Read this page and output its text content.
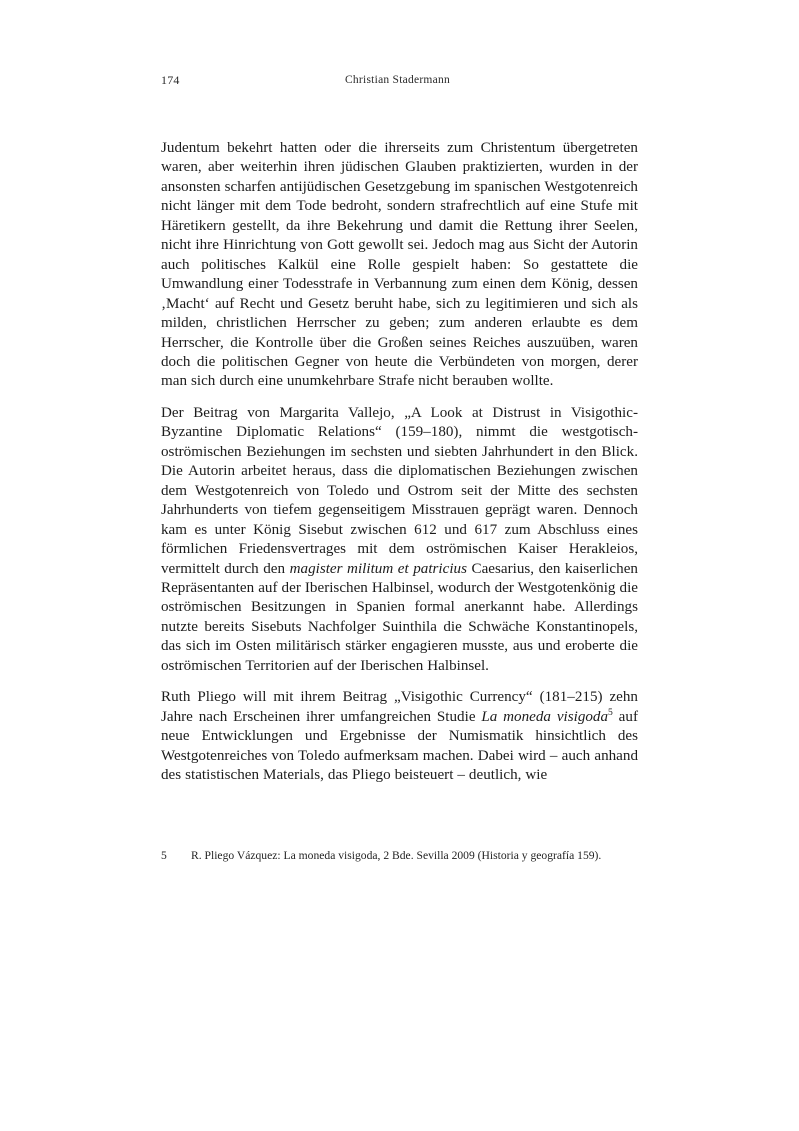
174	Christian Stadermann

Judentum bekehrt hatten oder die ihrerseits zum Christentum übergetreten waren, aber weiterhin ihren jüdischen Glauben praktizierten, wurden in der ansonsten scharfen antijüdischen Gesetzgebung im spanischen Westgotenreich nicht länger mit dem Tode bedroht, sondern strafrechtlich auf eine Stufe mit Häretikern gestellt, da ihre Bekehrung und damit die Rettung ihrer Seelen, nicht ihre Hinrichtung von Gott gewollt sei. Jedoch mag aus Sicht der Autorin auch politisches Kalkül eine Rolle gespielt haben: So gestattete die Umwandlung einer Todesstrafe in Verbannung zum einen dem König, dessen ‚Macht‘ auf Recht und Gesetz beruht habe, sich zu legitimieren und sich als milden, christlichen Herrscher zu geben; zum anderen erlaubte es dem Herrscher, die Kontrolle über die Großen seines Reiches auszuüben, waren doch die politischen Gegner von heute die Verbündeten von morgen, derer man sich durch eine unumkehrbare Strafe nicht berauben wollte.

Der Beitrag von Margarita Vallejo, „A Look at Distrust in Visigothic-Byzantine Diplomatic Relations“ (159–180), nimmt die westgotisch-oströmischen Beziehungen im sechsten und siebten Jahrhundert in den Blick. Die Autorin arbeitet heraus, dass die diplomatischen Beziehungen zwischen dem Westgotenreich von Toledo und Ostrom seit der Mitte des sechsten Jahrhunderts von tiefem gegenseitigem Misstrauen geprägt waren. Dennoch kam es unter König Sisebut zwischen 612 und 617 zum Abschluss eines förmlichen Friedensvertrages mit dem oströmischen Kaiser Herakleios, vermittelt durch den magister militum et patricius Caesarius, den kaiserlichen Repräsentanten auf der Iberischen Halbinsel, wodurch der Westgotenkönig die oströmischen Besitzungen in Spanien formal anerkannt habe. Allerdings nutzte bereits Sisebuts Nachfolger Suinthila die Schwäche Konstantinopels, das sich im Osten militärisch stärker engagieren musste, aus und eroberte die oströmischen Territorien auf der Iberischen Halbinsel.

Ruth Pliego will mit ihrem Beitrag „Visigothic Currency“ (181–215) zehn Jahre nach Erscheinen ihrer umfangreichen Studie La moneda visigoda$^5$ auf neue Entwicklungen und Ergebnisse der Numismatik hinsichtlich des Westgotenreiches von Toledo aufmerksam machen. Dabei wird – auch anhand des statistischen Materials, das Pliego beisteuert – deutlich, wie

5	R. Pliego Vázquez: La moneda visigoda, 2 Bde. Sevilla 2009 (Historia y geografía 159).
